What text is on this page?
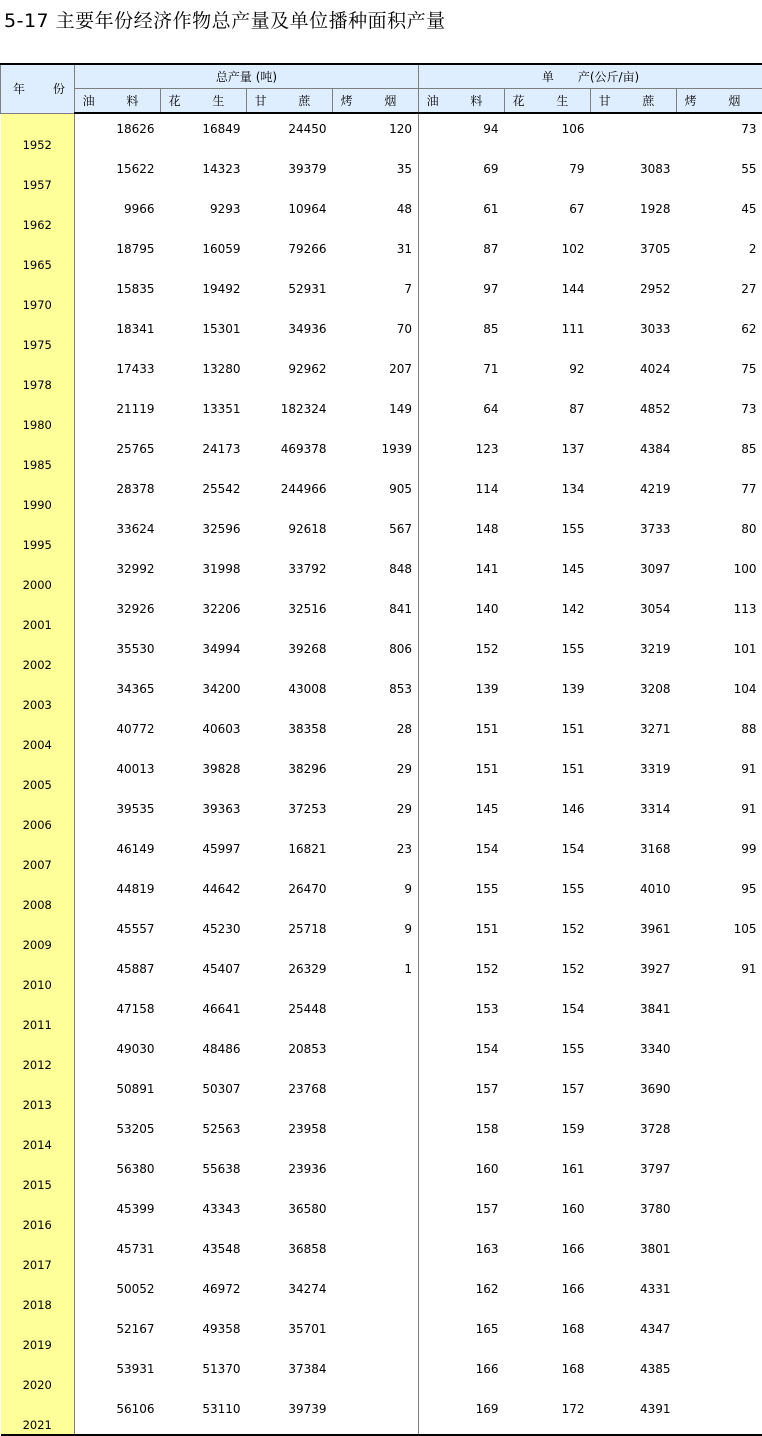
5-17 主要年份经济作物总产量及单位播种面积产量
年 份	总产量 (吨)				单　　产(公斤/亩)			
	油 料	花 生	甘 蔗	烤 烟	油 料	花 生	甘 蔗	烤 烟
1952	18626	16849	24450	120	94	106		73
1957	15622	14323	39379	35	69	79	3083	55
1962	9966	9293	10964	48	61	67	1928	45
1965	18795	16059	79266	31	87	102	3705	2
1970	15835	19492	52931	7	97	144	2952	27
1975	18341	15301	34936	70	85	111	3033	62
1978	17433	13280	92962	207	71	92	4024	75
1980	21119	13351	182324	149	64	87	4852	73
1985	25765	24173	469378	1939	123	137	4384	85
1990	28378	25542	244966	905	114	134	4219	77
1995	33624	32596	92618	567	148	155	3733	80
2000	32992	31998	33792	848	141	145	3097	100
2001	32926	32206	32516	841	140	142	3054	113
2002	35530	34994	39268	806	152	155	3219	101
2003	34365	34200	43008	853	139	139	3208	104
2004	40772	40603	38358	28	151	151	3271	88
2005	40013	39828	38296	29	151	151	3319	91
2006	39535	39363	37253	29	145	146	3314	91
2007	46149	45997	16821	23	154	154	3168	99
2008	44819	44642	26470	9	155	155	4010	95
2009	45557	45230	25718	9	151	152	3961	105
2010	45887	45407	26329	1	152	152	3927	91
2011	47158	46641	25448		153	154	3841	
2012	49030	48486	20853		154	155	3340	
2013	50891	50307	23768		157	157	3690	
2014	53205	52563	23958		158	159	3728	
2015	56380	55638	23936		160	161	3797	
2016	45399	43343	36580		157	160	3780	
2017	45731	43548	36858		163	166	3801	
2018	50052	46972	34274		162	166	4331	
2019	52167	49358	35701		165	168	4347	
2020	53931	51370	37384		166	168	4385	
2021	56106	53110	39739		169	172	4391	
